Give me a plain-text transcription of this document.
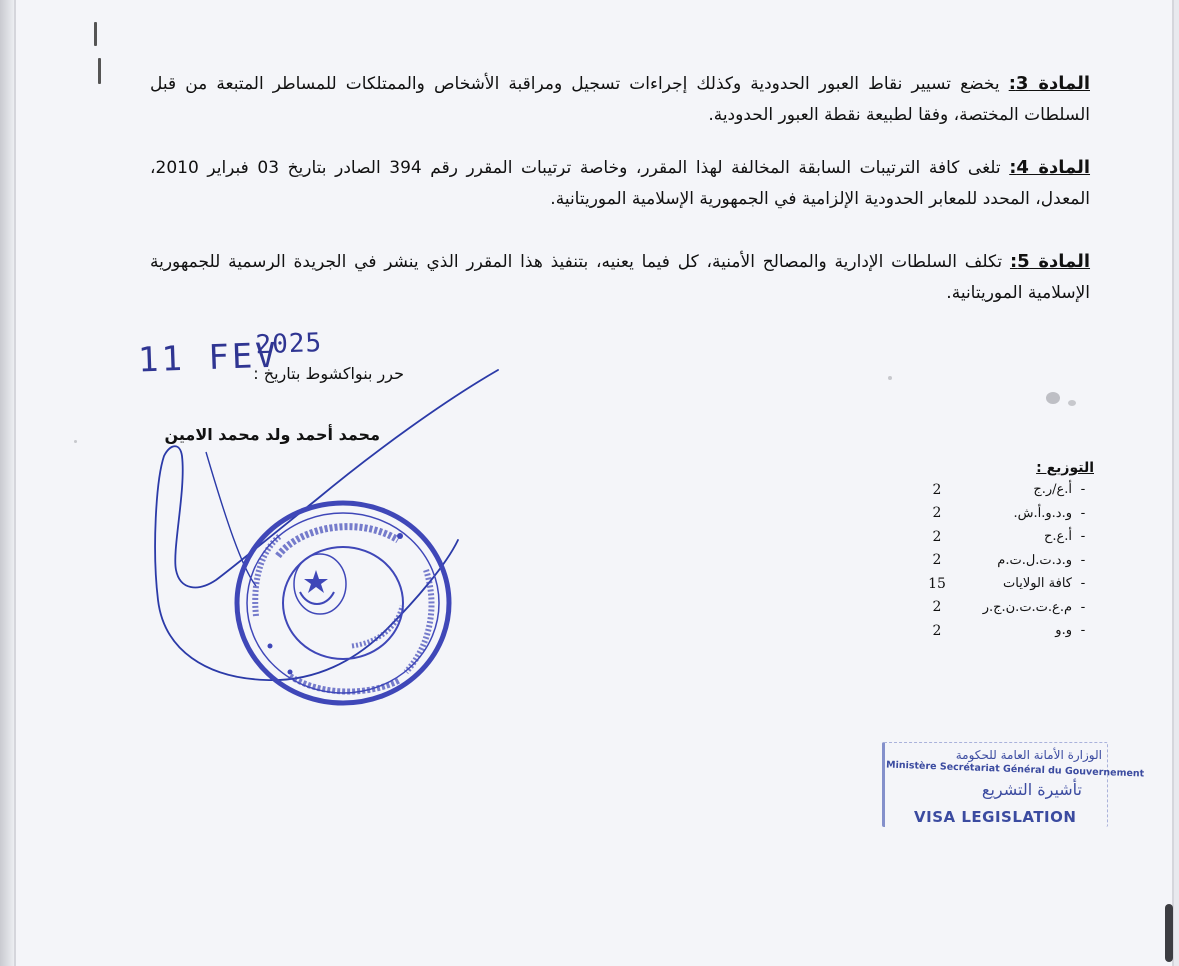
المادة 3: يخضع تسيير نقاط العبور الحدودية وكذلك إجراءات تسجيل ومراقبة الأشخاص والممتلكات للمساطر المتبعة من قبل السلطات المختصة، وفقا لطبيعة نقطة العبور الحدودية.
المادة 4: تلغى كافة الترتيبات السابقة المخالفة لهذا المقرر، وخاصة ترتيبات المقرر رقم 394 الصادر بتاريخ 03 فبراير 2010، المعدل، المحدد للمعابر الحدودية الإلزامية في الجمهورية الإسلامية الموريتانية.
المادة 5: تكلف السلطات الإدارية والمصالح الأمنية، كل فيما يعنيه، بتنفيذ هذا المقرر الذي ينشر في الجريدة الرسمية للجمهورية الإسلامية الموريتانية.
حرر بنواكشوط بتاريخ :
11 FEV
2025
محمد أحمد ولد محمد الامين
التوزيع :
-
أ.ع/ر.ج
2
-
و.د.و.أ.ش.
2
-
أ.ع.ح
2
-
و.د.ت.ل.ت.م
2
-
كافة الولايات
15
-
م.ع.ت.ت.ن.ج.ر
2
-
و.و
2
الوزارة الأمانة العامة للحكومة
Ministère Secrétariat Général du Gouvernement
تأشيرة التشريع
VISA LEGISLATION
